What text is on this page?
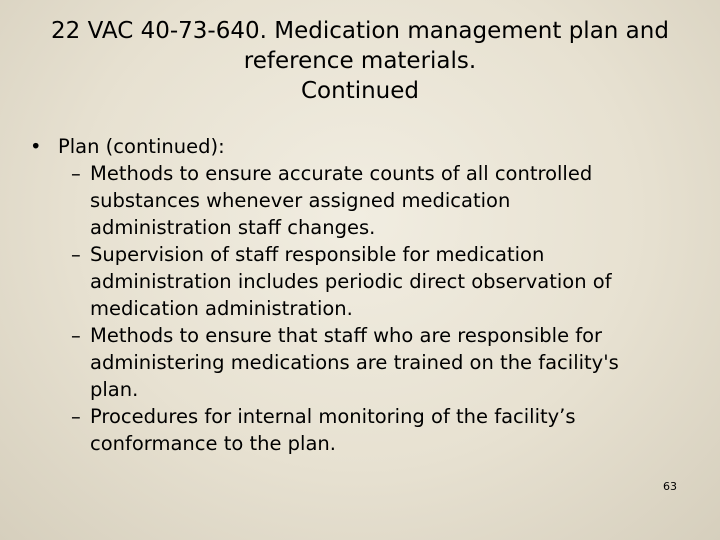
22 VAC 40-73-640. Medication management plan and
reference materials.
Continued
• Plan (continued):
– Methods to ensure accurate counts of all controlled
substances whenever assigned medication
administration staff changes.
– Supervision of staff responsible for medication
administration includes periodic direct observation of
medication administration.
– Methods to ensure that staff who are responsible for
administering medications are trained on the facility's
plan.
– Procedures for internal monitoring of the facility’s
conformance to the plan.
63
